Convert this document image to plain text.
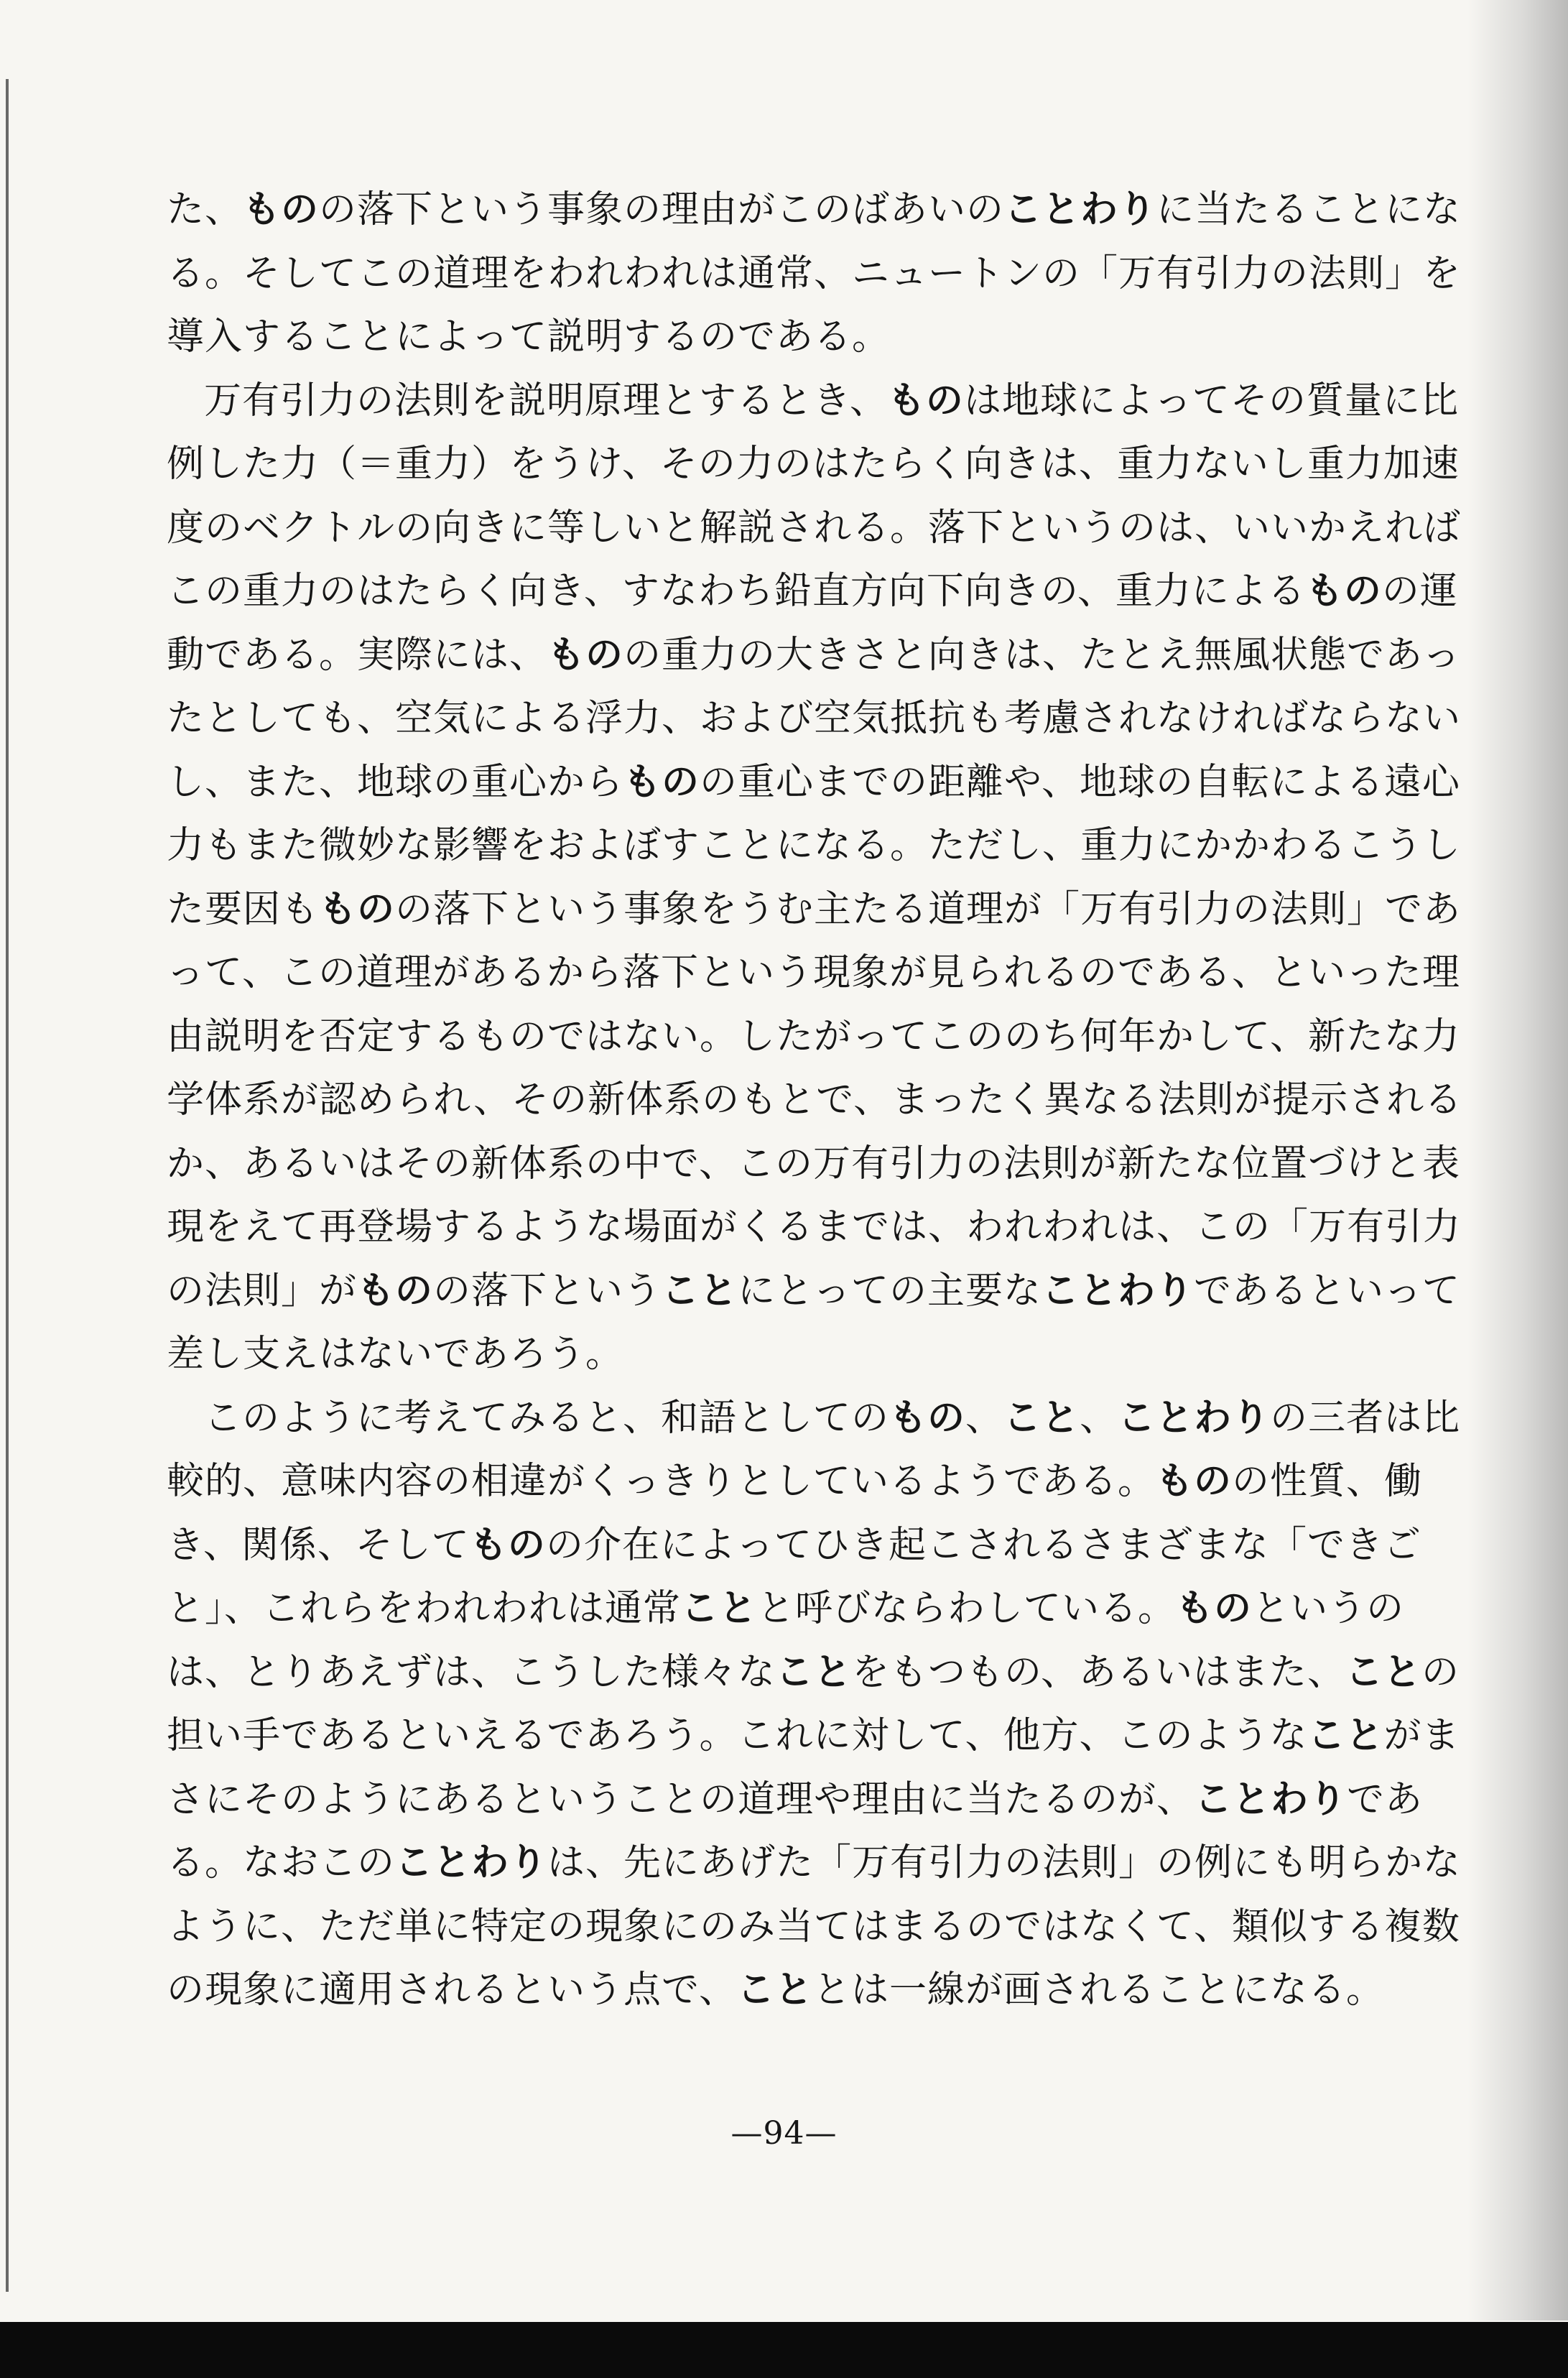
た、ものの落下という事象の理由がこのばあいのことわりに当たることになる。そしてこの道理をわれわれは通常、ニュートンの「万有引力の法則」を導入することによって説明するのである。

万有引力の法則を説明原理とするとき、ものは地球によってその質量に比例した力（＝重力）をうけ、その力のはたらく向きは、重力ないし重力加速度のベクトルの向きに等しいと解説される。落下というのは、いいかえればこの重力のはたらく向き、すなわち鉛直方向下向きの、重力によるものの運動である。実際には、ものの重力の大きさと向きは、たとえ無風状態であったとしても、空気による浮力、および空気抵抗も考慮されなければならないし、また、地球の重心からものの重心までの距離や、地球の自転による遠心力もまた微妙な影響をおよぼすことになる。ただし、重力にかかわるこうした要因もものの落下という事象をうむ主たる道理が「万有引力の法則」であって、この道理があるから落下という現象が見られるのである、といった理由説明を否定するものではない。したがってこののち何年かして、新たな力学体系が認められ、その新体系のもとで、まったく異なる法則が提示されるか、あるいはその新体系の中で、この万有引力の法則が新たな位置づけと表現をえて再登場するような場面がくるまでは、われわれは、この「万有引力の法則」がものの落下ということにとっての主要なことわりであるといって差し支えはないであろう。

このように考えてみると、和語としてのもの、こと、ことわりの三者は比較的、意味内容の相違がくっきりとしているようである。ものの性質、働き、関係、そしてものの介在によってひき起こされるさまざまな「できごと」、これらをわれわれは通常ことと呼びならわしている。ものというのは、とりあえずは、こうした様々なことをもつもの、あるいはまた、ことの担い手であるといえるであろう。これに対して、他方、このようなことがまさにそのようにあるということの道理や理由に当たるのが、ことわりである。なおこのことわりは、先にあげた「万有引力の法則」の例にも明らかなように、ただ単に特定の現象にのみ当てはまるのではなくて、類似する複数の現象に適用されるという点で、こととは一線が画されることになる。

—94—
